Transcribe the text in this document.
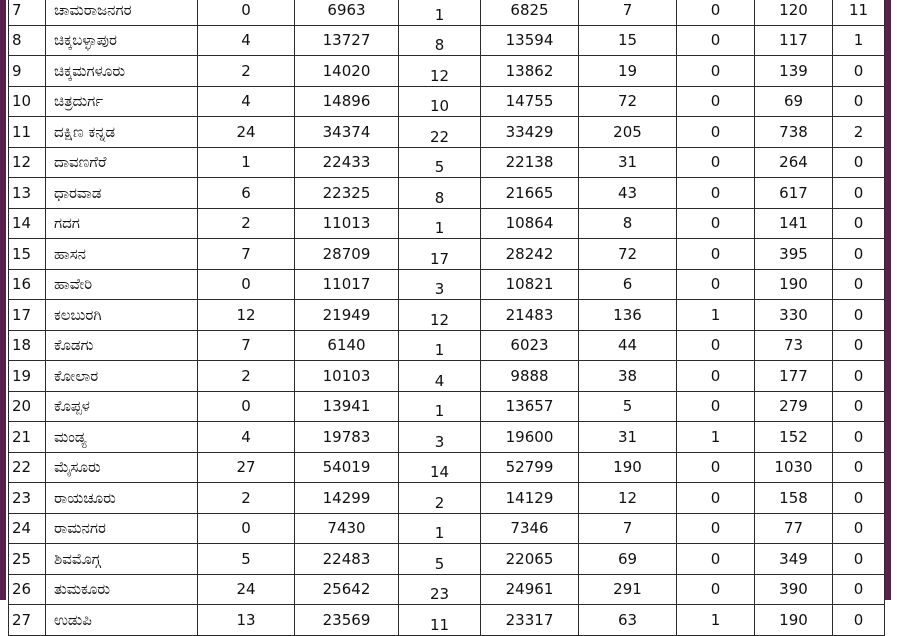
7	ಚಾಮರಾಜನಗರ	0	6963	1	6825	7	0	120	11
8	ಚಿಕ್ಕಬಳ್ಳಾಪುರ	4	13727	8	13594	15	0	117	1
9	ಚಿಕ್ಕಮಗಳೂರು	2	14020	12	13862	19	0	139	0
10	ಚಿತ್ರದುರ್ಗ	4	14896	10	14755	72	0	69	0
11	ದಕ್ಷಿಣ ಕನ್ನಡ	24	34374	22	33429	205	0	738	2
12	ದಾವಣಗೆರೆ	1	22433	5	22138	31	0	264	0
13	ಧಾರವಾಡ	6	22325	8	21665	43	0	617	0
14	ಗದಗ	2	11013	1	10864	8	0	141	0
15	ಹಾಸನ	7	28709	17	28242	72	0	395	0
16	ಹಾವೇರಿ	0	11017	3	10821	6	0	190	0
17	ಕಲಬುರಗಿ	12	21949	12	21483	136	1	330	0
18	ಕೊಡಗು	7	6140	1	6023	44	0	73	0
19	ಕೋಲಾರ	2	10103	4	9888	38	0	177	0
20	ಕೊಪ್ಪಳ	0	13941	1	13657	5	0	279	0
21	ಮಂಡ್ಯ	4	19783	3	19600	31	1	152	0
22	ಮೈಸೂರು	27	54019	14	52799	190	0	1030	0
23	ರಾಯಚೂರು	2	14299	2	14129	12	0	158	0
24	ರಾಮನಗರ	0	7430	1	7346	7	0	77	0
25	ಶಿವಮೊಗ್ಗ	5	22483	5	22065	69	0	349	0
26	ತುಮಕೂರು	24	25642	23	24961	291	0	390	0
27	ಉಡುಪಿ	13	23569	11	23317	63	1	190	0
